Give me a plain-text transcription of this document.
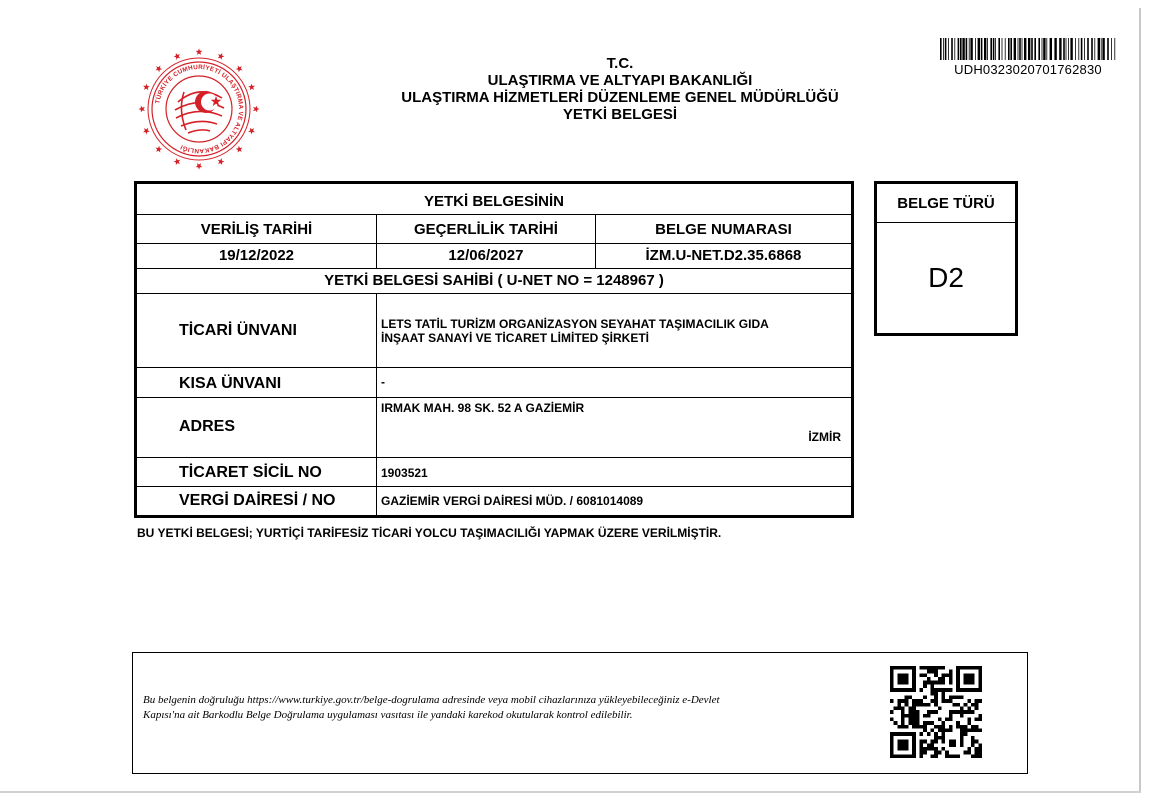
TÜRKİYE CUMHURİYETİ ULAŞTIRMA VE ALTYAPI BAKANLIĞI
T.C.
ULAŞTIRMA VE ALTYAPI BAKANLIĞI
ULAŞTIRMA HİZMETLERİ DÜZENLEME GENEL MÜDÜRLÜĞÜ
YETKİ BELGESİ
UDH0323020701762830
YETKİ BELGESİNİN		
VERİLİŞ TARİHİ	GEÇERLİLİK TARİHİ	BELGE NUMARASI
19/12/2022	12/06/2027	İZM.U-NET.D2.35.6868
YETKİ BELGESİ SAHİBİ ( U-NET NO = 1248967 )		
TİCARİ ÜNVANI	LETS TATİL TURİZM ORGANİZASYON SEYAHAT TAŞIMACILIK GIDA
İNŞAAT SANAYİ VE TİCARET LİMİTED ŞİRKETİ	

KISA ÜNVANI	-	
ADRES	IRMAK MAH. 98 SK. 52 A GAZİEMİR
İZMİR	

TİCARET SİCİL NO	1903521	
VERGİ DAİRESİ / NO	GAZİEMİR VERGİ DAİRESİ MÜD. / 6081014089	
BELGE TÜRÜ
D2
BU YETKİ BELGESİ; YURTİÇİ TARİFESİZ TİCARİ YOLCU TAŞIMACILIĞI YAPMAK ÜZERE VERİLMİŞTİR.
Bu belgenin doğruluğu https://www.turkiye.gov.tr/belge-dogrulama adresinde veya mobil cihazlarınıza yükleyebileceğiniz e-Devlet
Kapısı'na ait Barkodlu Belge Doğrulama uygulaması vasıtası ile yandaki karekod okutularak kontrol edilebilir.
